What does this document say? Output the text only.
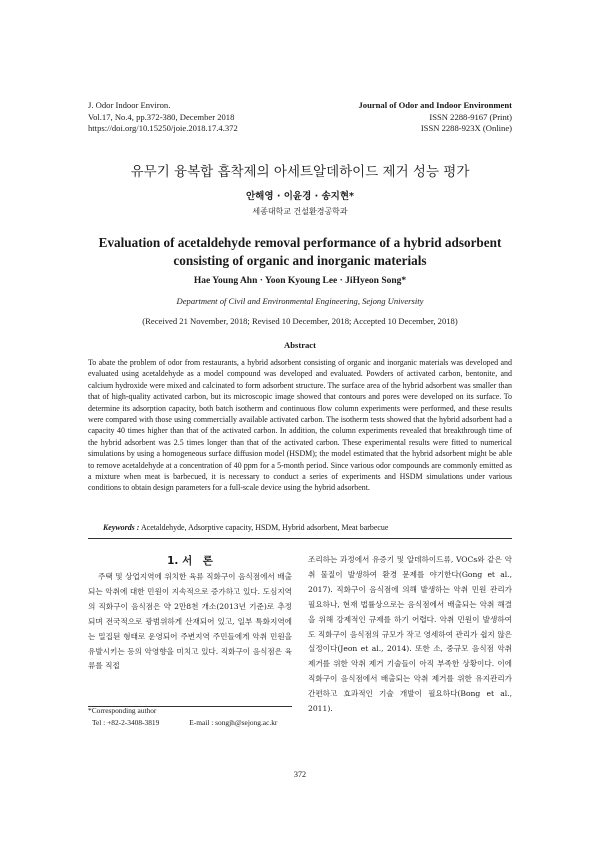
J. Odor Indoor Environ.
Vol.17, No.4, pp.372-380, December 2018
https://doi.org/10.15250/joie.2018.17.4.372
Journal of Odor and Indoor Environment
ISSN 2288-9167 (Print)
ISSN 2288-923X (Online)
유무기 융복합 흡착제의 아세트알데하이드 제거 성능 평가
안해영 · 이윤경 · 송지현*
세종대학교 건설환경공학과
Evaluation of acetaldehyde removal performance of a hybrid adsorbent consisting of organic and inorganic materials
Hae Young Ahn · Yoon Kyoung Lee · JiHyeon Song*
Department of Civil and Environmental Engineering, Sejong University
(Received 21 November, 2018; Revised 10 December, 2018; Accepted 10 December, 2018)
Abstract
To abate the problem of odor from restaurants, a hybrid adsorbent consisting of organic and inorganic materials was developed and evaluated using acetaldehyde as a model compound was developed and evaluated. Powders of activated carbon, bentonite, and calcium hydroxide were mixed and calcinated to form adsorbent structure. The surface area of the hybrid adsorbent was smaller than that of high-quality activated carbon, but its microscopic image showed that contours and pores were developed on its surface. To determine its adsorption capacity, both batch isotherm and continuous flow column experiments were performed, and these results were compared with those using commercially available activated carbon. The isotherm tests showed that the hybrid adsorbent had a capacity 40 times higher than that of the activated carbon. In addition, the column experiments revealed that breakthrough time of the hybrid adsorbent was 2.5 times longer than that of the activated carbon. These experimental results were fitted to numerical simulations by using a homogeneous surface diffusion model (HSDM); the model estimated that the hybrid adsorbent might be able to remove acetaldehyde at a concentration of 40 ppm for a 5-month period. Since various odor compounds are commonly emitted as a mixture when meat is barbecued, it is necessary to conduct a series of experiments and HSDM simulations under various conditions to obtain design parameters for a full-scale device using the hybrid adsorbent.
Keywords : Acetaldehyde, Adsorptive capacity, HSDM, Hybrid adsorbent, Meat barbecue
1. 서　론
주택 및 상업지역에 위치한 육류 직화구이 음식점에서 배출되는 악취에 대한 민원이 지속적으로 증가하고 있다. 도심지역의 직화구이 음식점은 약 2만8천 개소(2013년 기준)로 추정되며 전국적으로 광범위하게 산재되어 있고, 일부 특화지역에는 밀집된 형태로 운영되어 주변지역 주민들에게 악취 민원을 유발시키는 등의 악영향을 미치고 있다. 직화구이 음식점은 육류를 직접
조리하는 과정에서 유증기 및 알데하이드류, VOCs와 같은 악취 물질이 발생하여 환경 문제를 야기한다(Gong et al., 2017). 직화구이 음식점에 의해 발생하는 악취 민원 관리가 필요하나, 현재 법률상으로는 음식점에서 배출되는 악취 해결을 위해 강제적인 규제를 하기 어렵다. 악취 민원이 발생하여도 직화구이 음식점의 규모가 작고 영세하여 관리가 쉽지 않은 실정이다(Jeon et al., 2014). 또한 소, 중규모 음식점 악취 제거를 위한 악취 제거 기술들이 아직 부족한 상황이다. 이에 직화구이 음식점에서 배출되는 악취 제거를 위한 유지관리가 간편하고 효과적인 기술 개발이 필요하다(Bong et al., 2011).
*Corresponding author
Tel : +82-2-3408-3819	E-mail : songjh@sejong.ac.kr
372
